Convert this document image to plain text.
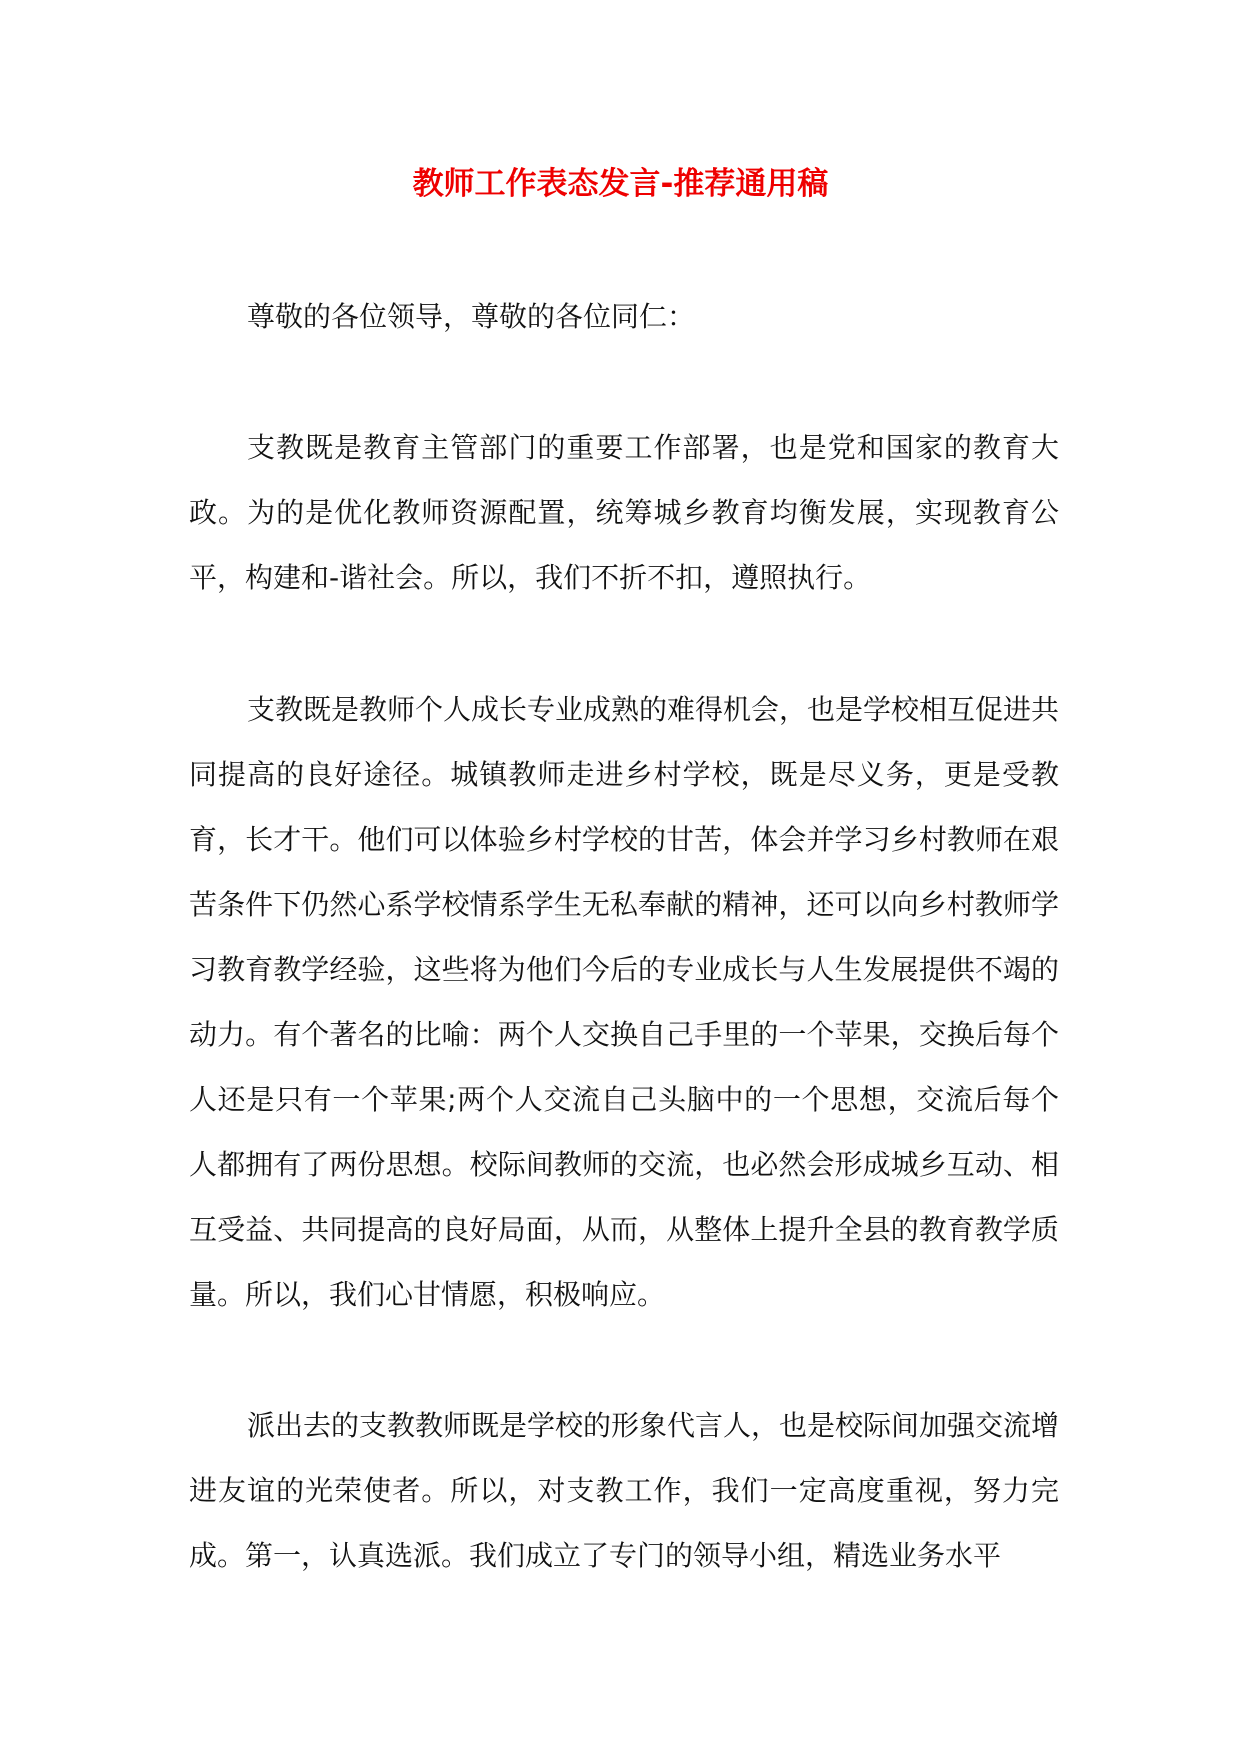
教师工作表态发言-推荐通用稿

尊敬的各位领导，尊敬的各位同仁：

支教既是教育主管部门的重要工作部署，也是党和国家的教育大政。为的是优化教师资源配置，统筹城乡教育均衡发展，实现教育公平，构建和-谐社会。所以，我们不折不扣，遵照执行。

支教既是教师个人成长专业成熟的难得机会，也是学校相互促进共同提高的良好途径。城镇教师走进乡村学校，既是尽义务，更是受教育，长才干。他们可以体验乡村学校的甘苦，体会并学习乡村教师在艰苦条件下仍然心系学校情系学生无私奉献的精神，还可以向乡村教师学习教育教学经验，这些将为他们今后的专业成长与人生发展提供不竭的动力。有个著名的比喻：两个人交换自己手里的一个苹果，交换后每个人还是只有一个苹果;两个人交流自己头脑中的一个思想，交流后每个人都拥有了两份思想。校际间教师的交流，也必然会形成城乡互动、相互受益、共同提高的良好局面，从而，从整体上提升全县的教育教学质量。所以，我们心甘情愿，积极响应。

派出去的支教教师既是学校的形象代言人，也是校际间加强交流增进友谊的光荣使者。所以，对支教工作，我们一定高度重视，努力完成。第一，认真选派。我们成立了专门的领导小组，精选业务水平
